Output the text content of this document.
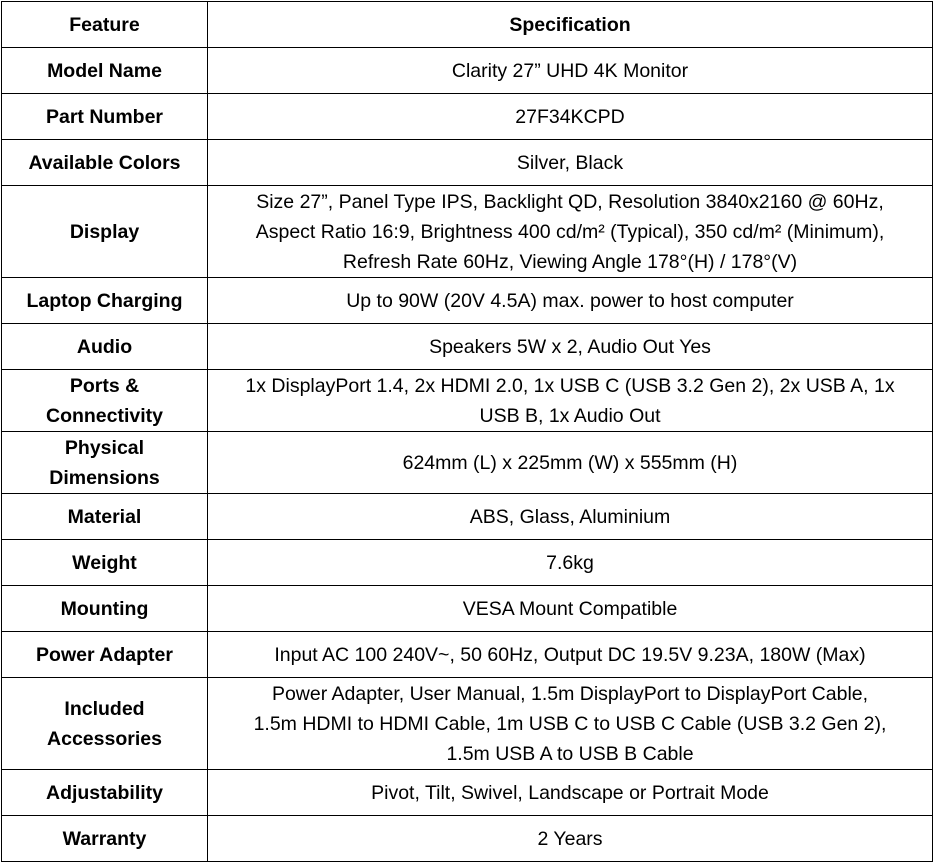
Feature	Specification

Model Name	Clarity 27” UHD 4K Monitor

Part Number	27F34KCPD

Available Colors	Silver, Black

Display	Size 27”, Panel Type IPS, Backlight QD, Resolution 3840x2160 @ 60Hz,
Aspect Ratio 16:9, Brightness 400 cd/m² (Typical), 350 cd/m² (Minimum),
Refresh Rate 60Hz, Viewing Angle 178°(H) / 178°(V)

Laptop Charging	Up to 90W (20V 4.5A) max. power to host computer

Audio	Speakers 5W x 2, Audio Out Yes

Ports &
Connectivity	1x DisplayPort 1.4, 2x HDMI 2.0, 1x USB C (USB 3.2 Gen 2), 2x USB A, 1x
USB B, 1x Audio Out

Physical
Dimensions	624mm (L) x 225mm (W) x 555mm (H)

Material	ABS, Glass, Aluminium

Weight	7.6kg

Mounting	VESA Mount Compatible

Power Adapter	Input AC 100 240V~, 50 60Hz, Output DC 19.5V 9.23A, 180W (Max)

Included
Accessories	Power Adapter, User Manual, 1.5m DisplayPort to DisplayPort Cable,
1.5m HDMI to HDMI Cable, 1m USB C to USB C Cable (USB 3.2 Gen 2),
1.5m USB A to USB B Cable

Adjustability	Pivot, Tilt, Swivel, Landscape or Portrait Mode

Warranty	2 Years
